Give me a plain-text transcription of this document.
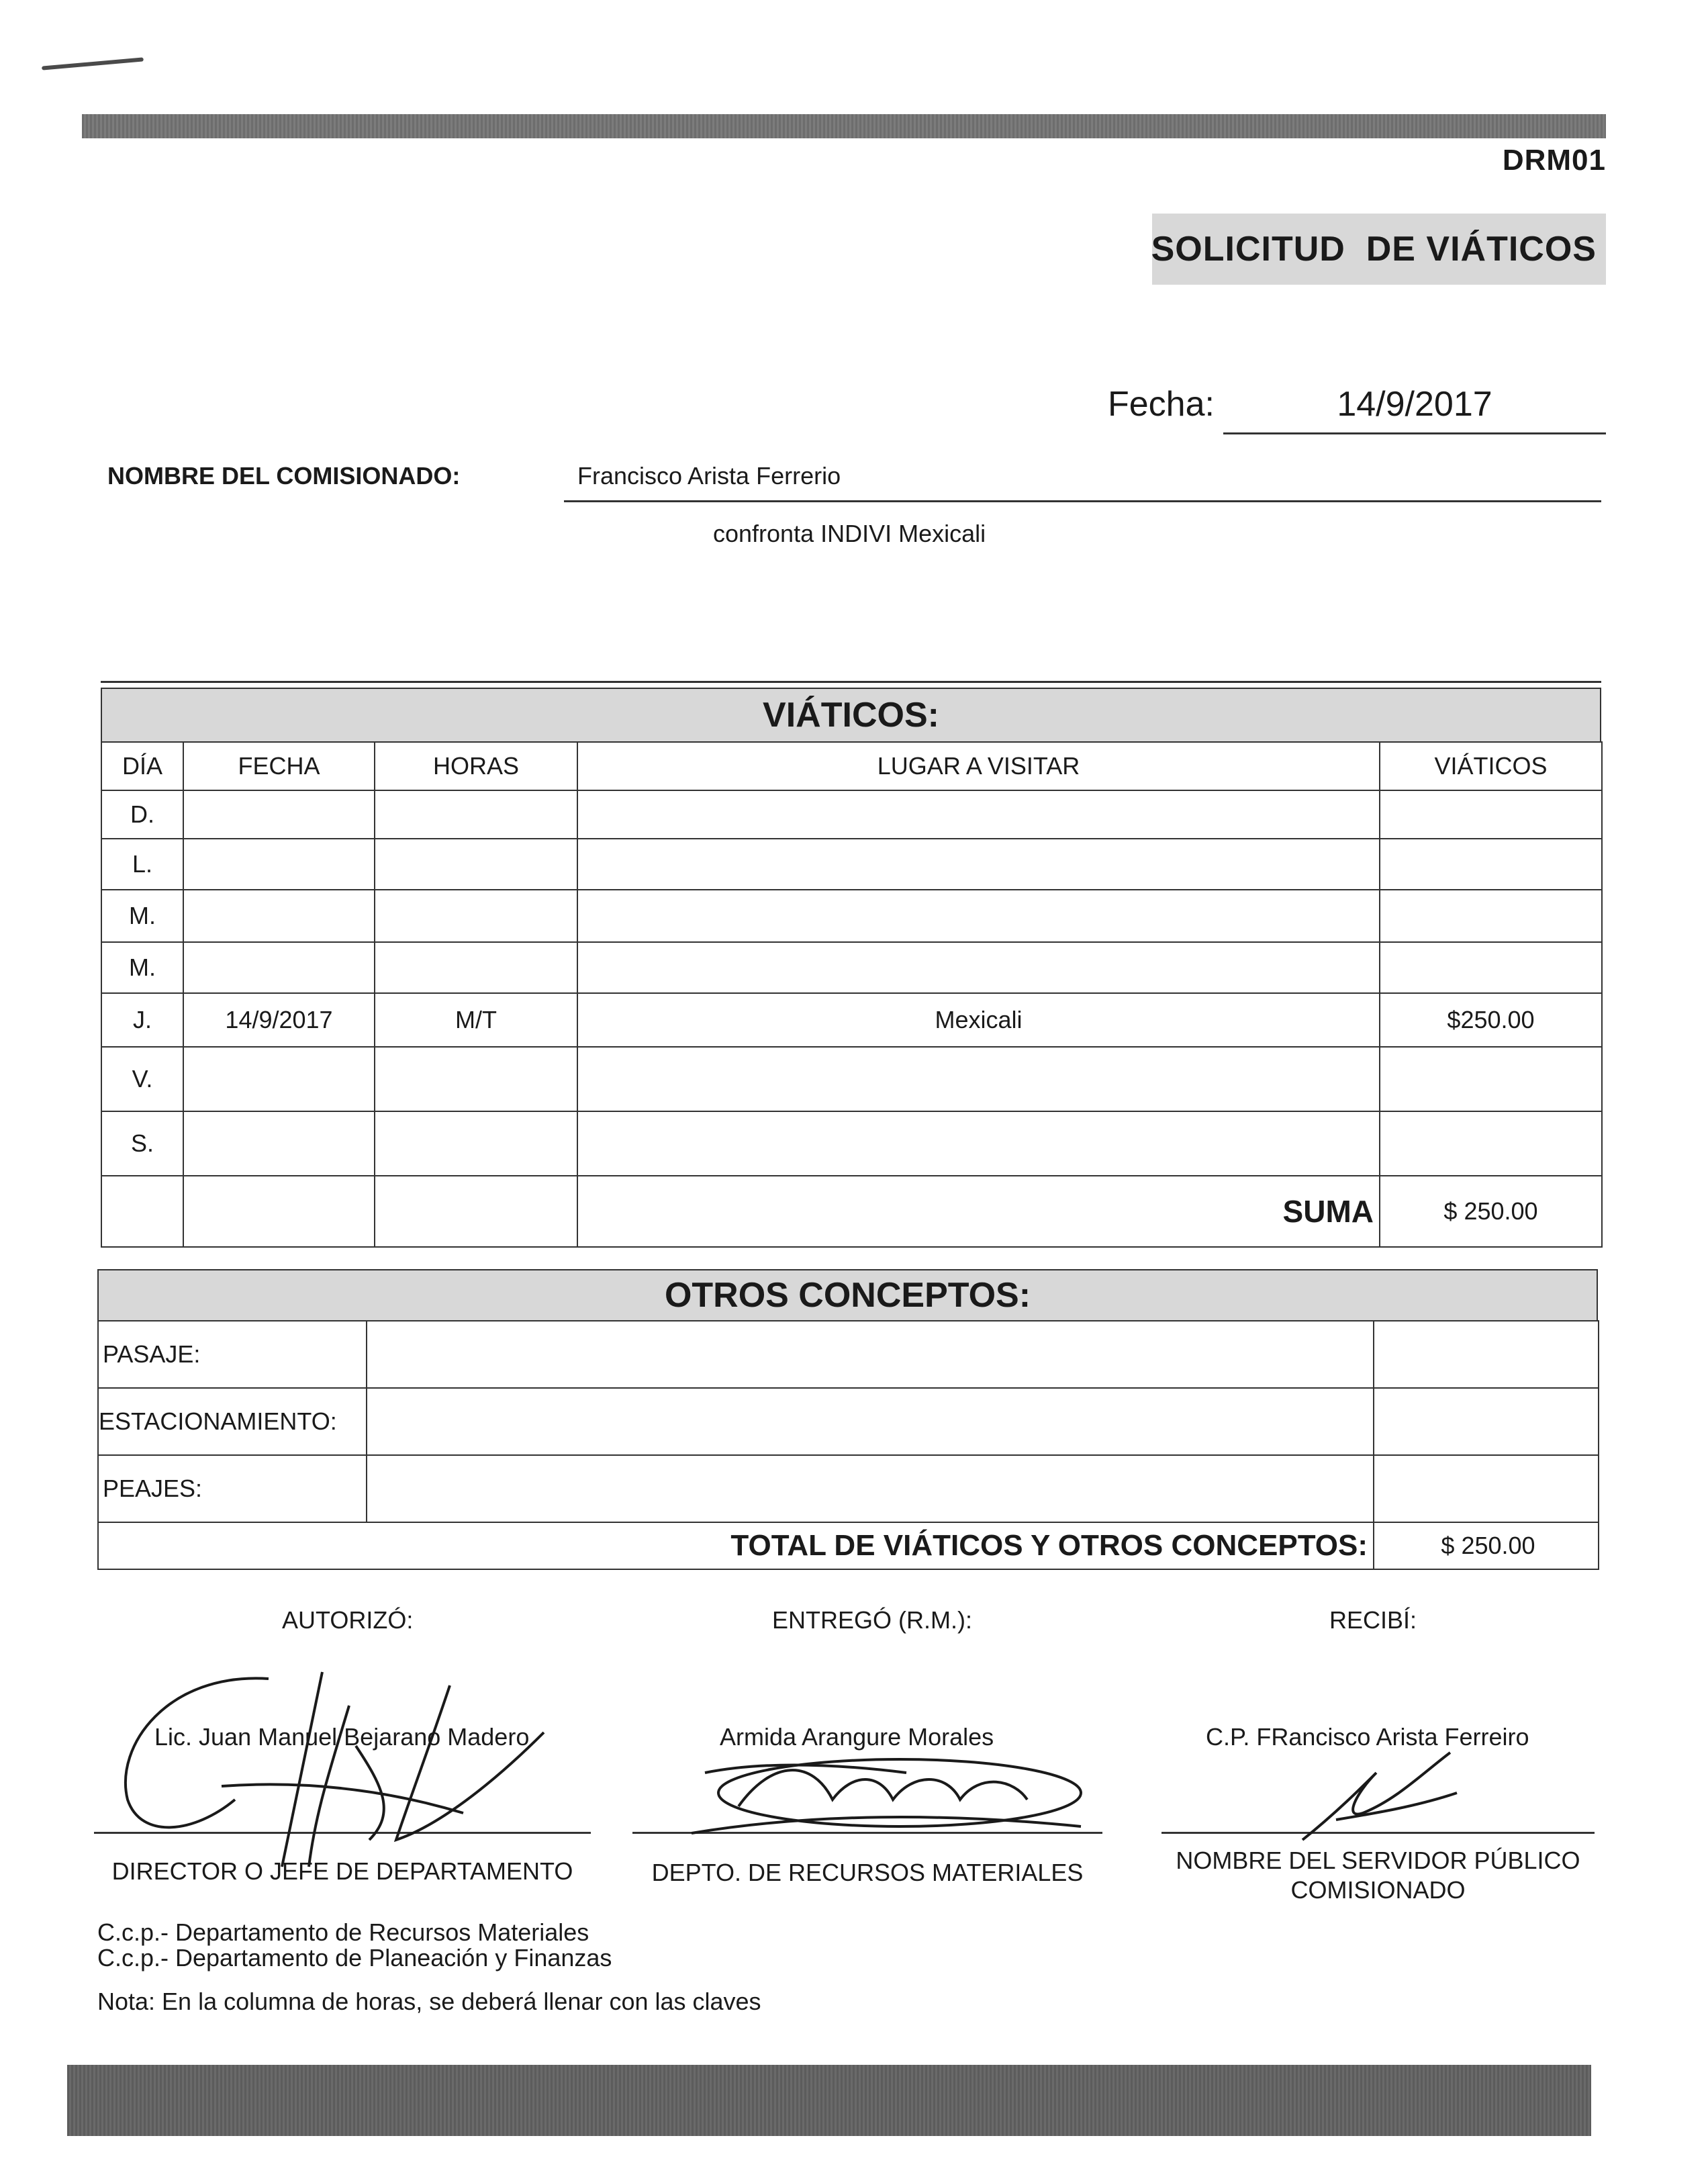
DRM01
SOLICITUD  DE VIÁTICOS
Fecha:	14/9/2017
NOMBRE DEL COMISIONADO:	Francisco Arista Ferrerio
confronta INDIVI Mexicali
VIÁTICOS:
DÍA	FECHA	HORAS	LUGAR A VISITAR	VIÁTICOS
D.				
L.				
M.				
M.				
J.	14/9/2017	M/T	Mexicali	$250.00
V.				
S.				
			SUMA	$ 250.00
OTROS CONCEPTOS:
PASAJE:		
ESTACIONAMIENTO:		
PEAJES:		
TOTAL DE VIÁTICOS Y OTROS CONCEPTOS:		$ 250.00
AUTORIZÓ:	ENTREGÓ (R.M.):	RECIBÍ:
Lic. Juan Manuel Bejarano Madero	Armida Arangure Morales	C.P. FRancisco Arista Ferreiro
DIRECTOR O JEFE DE DEPARTAMENTO	DEPTO. DE RECURSOS MATERIALES	NOMBRE DEL SERVIDOR PÚBLICO
COMISIONADO
C.c.p.- Departamento de Recursos Materiales
C.c.p.- Departamento de Planeación y Finanzas
Nota: En la columna de horas, se deberá llenar con las claves
